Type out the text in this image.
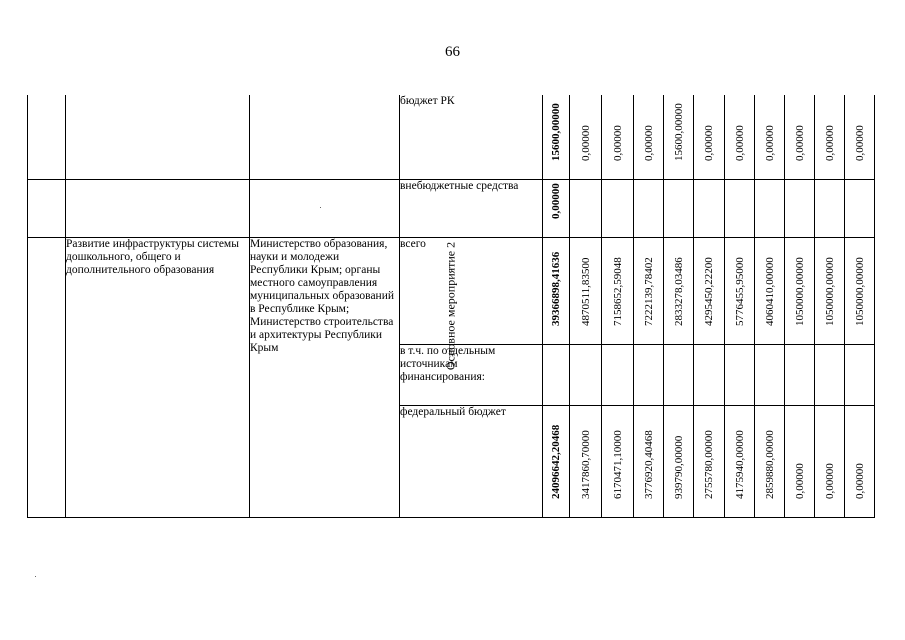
66
			бюджет РК	15600,00000	0,00000	0,00000	0,00000	15600,00000	0,00000	0,00000	0,00000	0,00000	0,00000	0,00000

			внебюджетные средства	0,00000										

Основное мероприятие 2	Развитие инфраструктуры системы дошкольного, общего и дополнительного образования	Министерство образования, науки и молодежи Республики Крым; органы местного самоуправления муниципальных образований в Республике Крым; Министерство строительства и архитектуры Республики Крым	всего	39366898,41636	4870511,83500	7158652,59048	7222139,78402	2833278,03486	4295450,22200	5776455,95000	4060410,00000	1050000,00000	1050000,00000	1050000,00000

			в т.ч. по отдельным источникам финансирования:	

			федеральный бюджет	24096642,20468	3417860,70000	6170471,10000	3776920,40468	939790,00000	2755780,00000	4175940,00000	2859880,00000	0,00000	0,00000	0,00000
